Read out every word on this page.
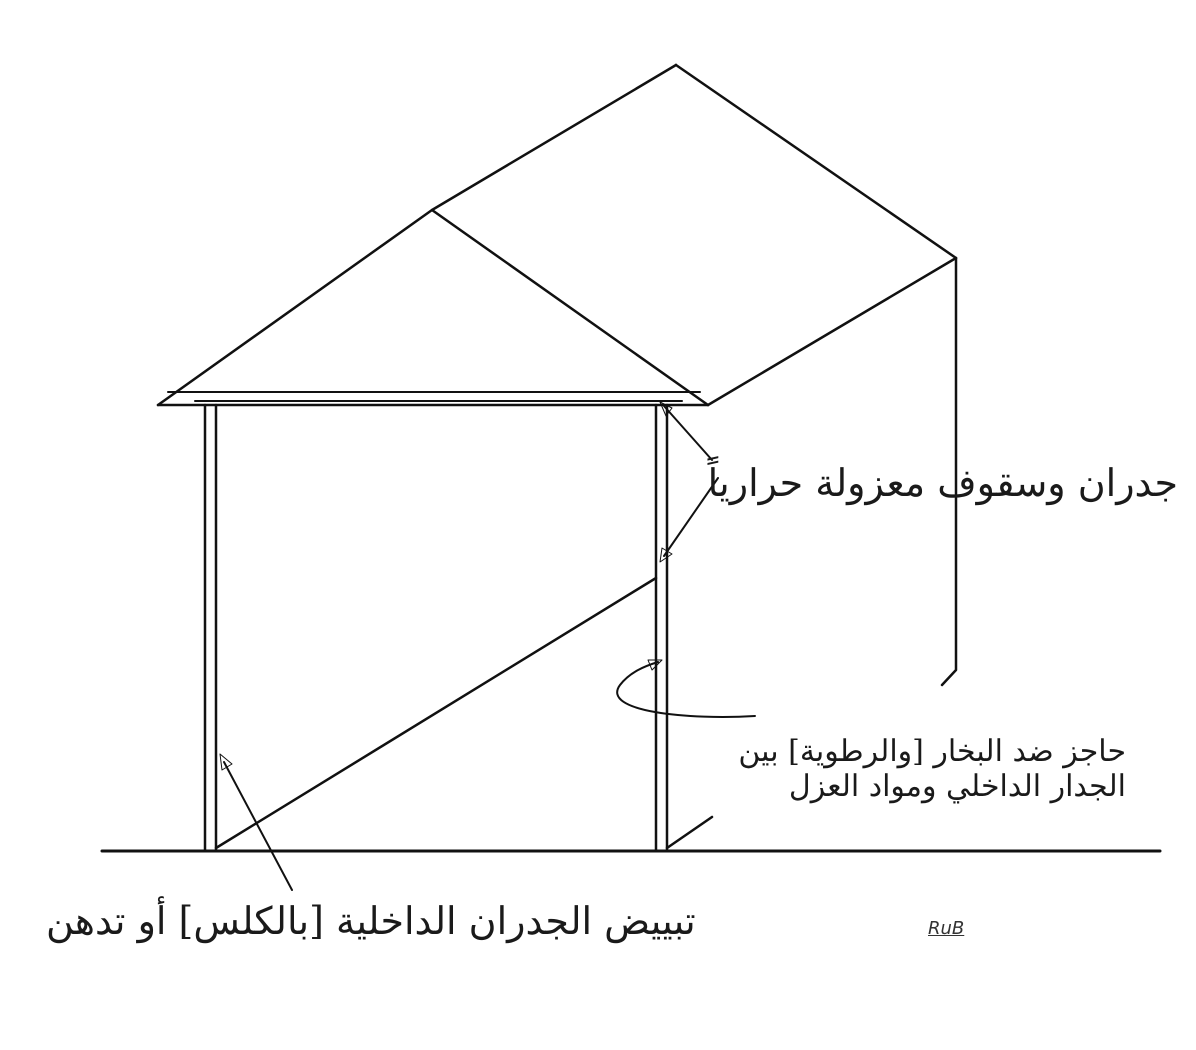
جدران وسقوف معزولة حرارياً
حاجز ضد البخار [والرطوية] بين
الجدار الداخلي ومواد العزل
تبييض الجدران الداخلية [بالكلس] أو تدهن	RuB
